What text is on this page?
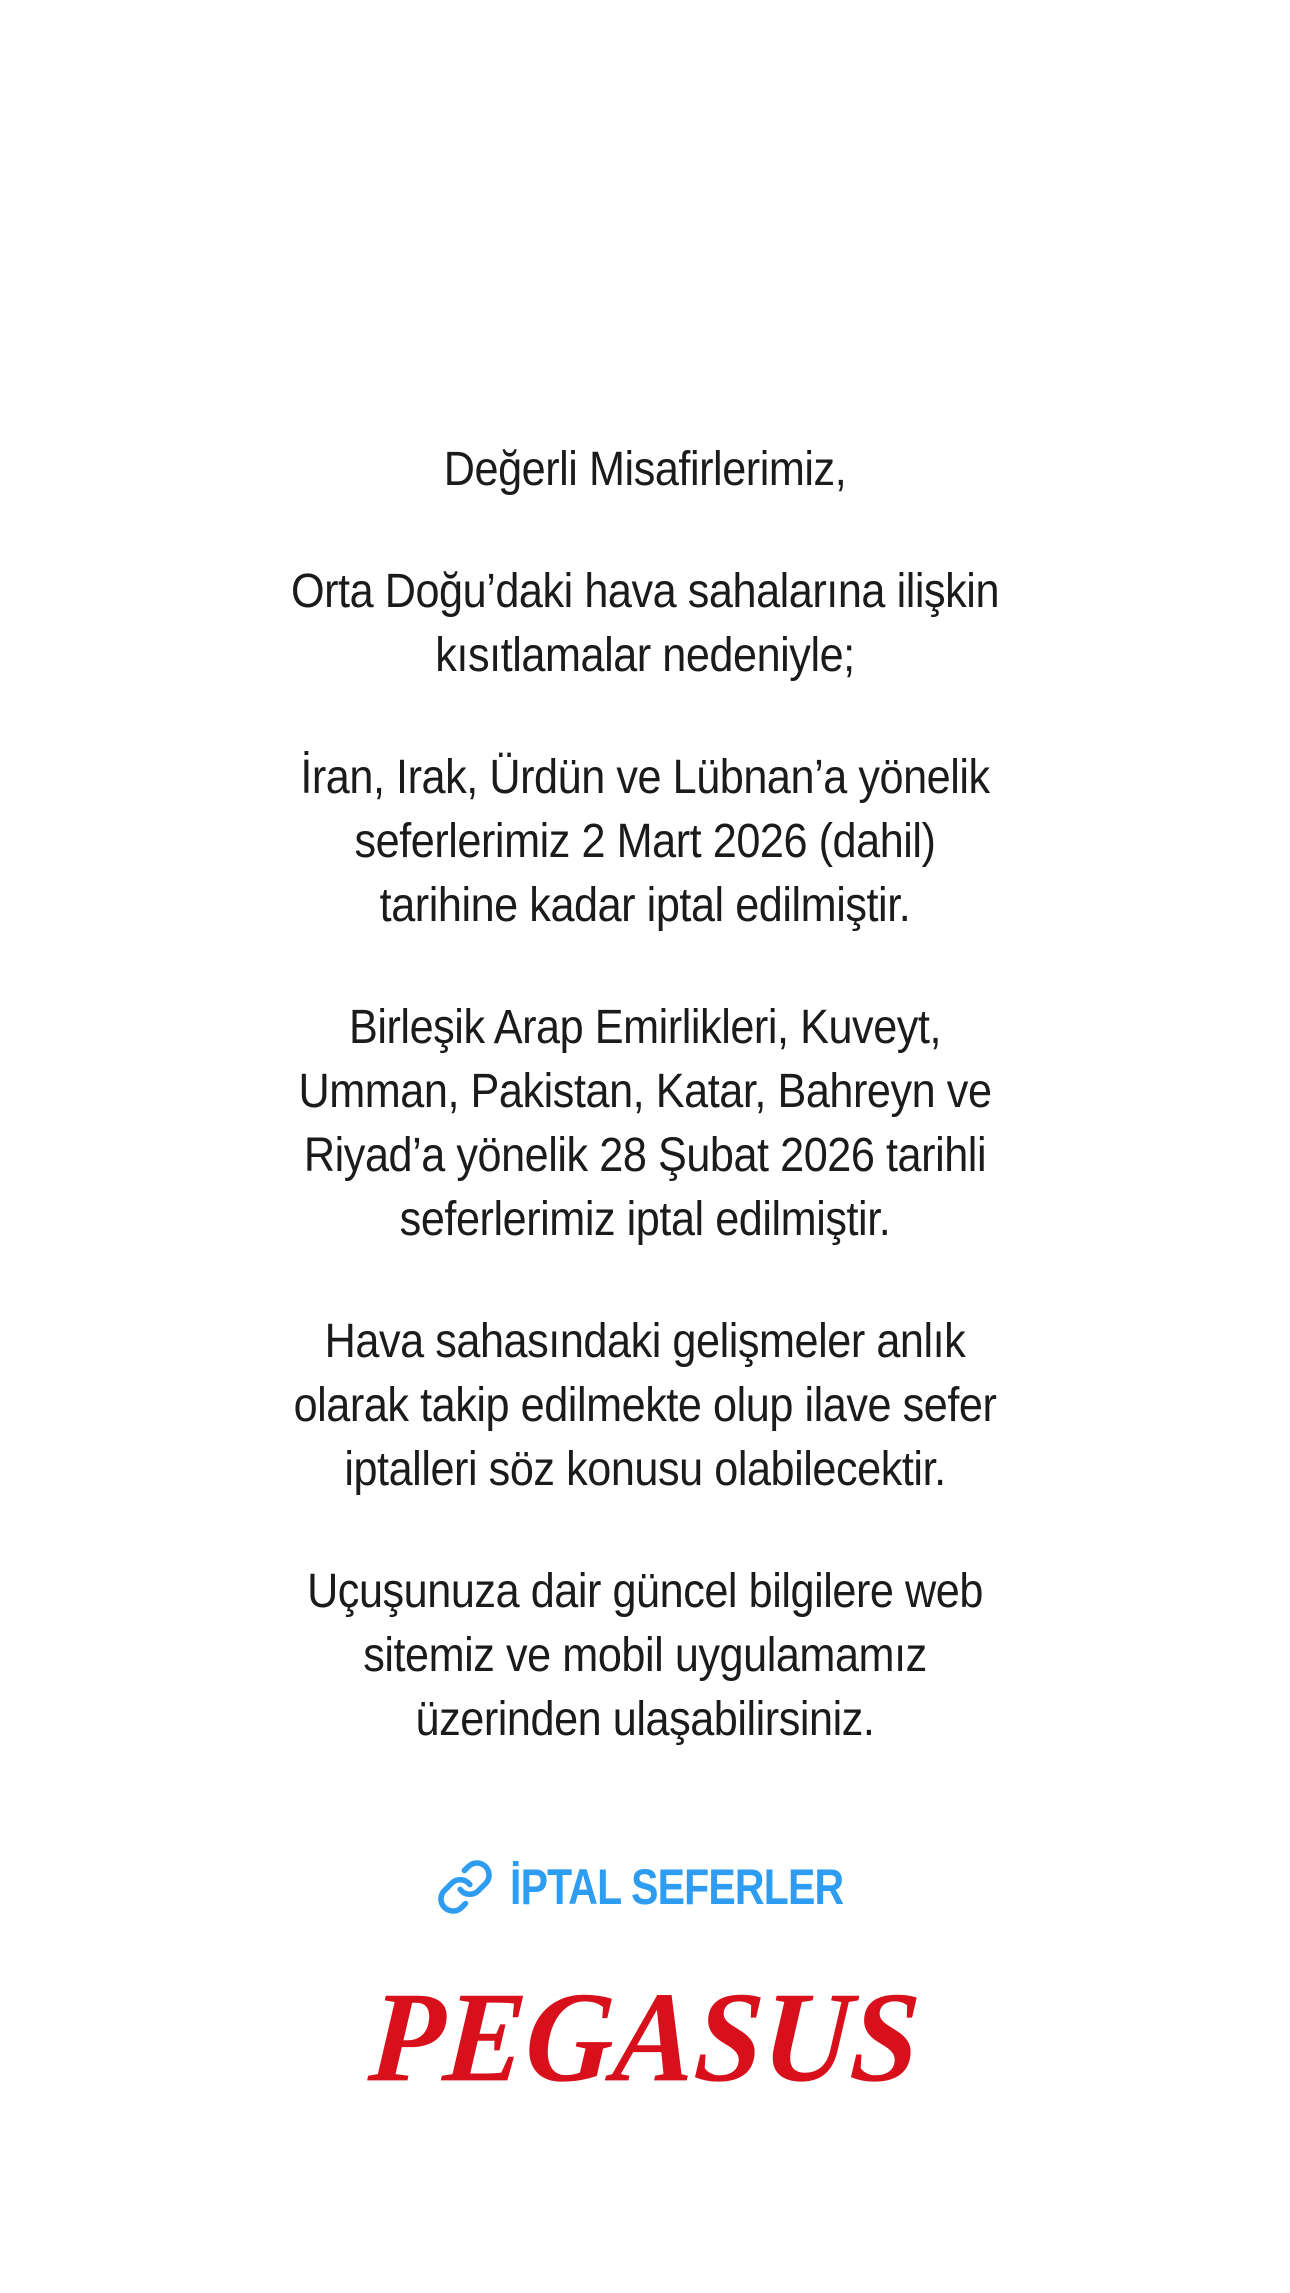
Değerli Misafirlerimiz,

Orta Doğu’daki hava sahalarına ilişkin
kısıtlamalar nedeniyle;

İran, Irak, Ürdün ve Lübnan’a yönelik
seferlerimiz 2 Mart 2026 (dahil)
tarihine kadar iptal edilmiştir.

Birleşik Arap Emirlikleri, Kuveyt,
Umman, Pakistan, Katar, Bahreyn ve
Riyad’a yönelik 28 Şubat 2026 tarihli
seferlerimiz iptal edilmiştir.

Hava sahasındaki gelişmeler anlık
olarak takip edilmekte olup ilave sefer
iptalleri söz konusu olabilecektir.

Uçuşunuza dair güncel bilgilere web
sitemiz ve mobil uygulamamız
üzerinden ulaşabilirsiniz.

İPTAL SEFERLER
PEGASUS
